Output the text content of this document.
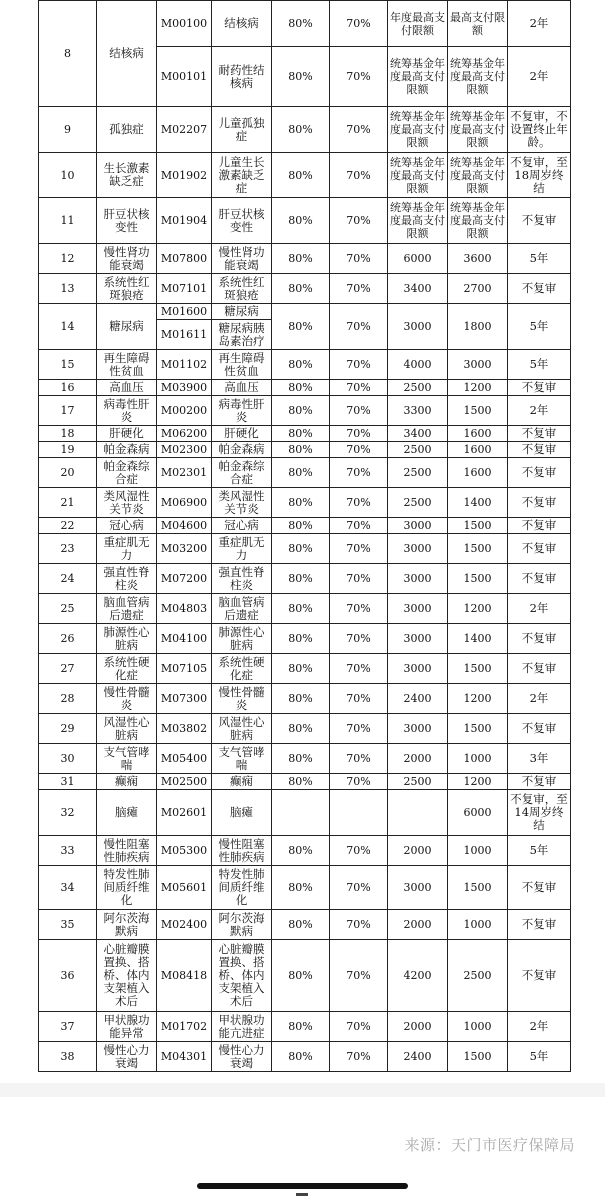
8	结核病	M00100	结核病	80%	70%	年度最高支付限额	最高支付限额	2年
		M00101	耐药性结核病	80%	70%	统筹基金年度最高支付限额	统筹基金年度最高支付限额	2年
9	孤独症	M02207	儿童孤独症	80%	70%	统筹基金年度最高支付限额	统筹基金年度最高支付限额	不复审，不设置终止年龄。
10	生长激素缺乏症	M01902	儿童生长激素缺乏症	80%	70%	统筹基金年度最高支付限额	统筹基金年度最高支付限额	不复审，至18周岁终结
11	肝豆状核变性	M01904	肝豆状核变性	80%	70%	统筹基金年度最高支付限额	统筹基金年度最高支付限额	不复审
12	慢性肾功能衰竭	M07800	慢性肾功能衰竭	80%	70%	6000	3600	5年
13	系统性红斑狼疮	M07101	系统性红斑狼疮	80%	70%	3400	2700	不复审
14	糖尿病	M01600	糖尿病	80%	70%	3000	1800	5年
		M01611	糖尿病胰岛素治疗					
15	再生障碍性贫血	M01102	再生障碍性贫血	80%	70%	4000	3000	5年
16	高血压	M03900	高血压	80%	70%	2500	1200	不复审
17	病毒性肝炎	M00200	病毒性肝炎	80%	70%	3300	1500	2年
18	肝硬化	M06200	肝硬化	80%	70%	3400	1600	不复审
19	帕金森病	M02300	帕金森病	80%	70%	2500	1600	不复审
20	帕金森综合症	M02301	帕金森综合症	80%	70%	2500	1600	不复审
21	类风湿性关节炎	M06900	类风湿性关节炎	80%	70%	2500	1400	不复审
22	冠心病	M04600	冠心病	80%	70%	3000	1500	不复审
23	重症肌无力	M03200	重症肌无力	80%	70%	3000	1500	不复审
24	强直性脊柱炎	M07200	强直性脊柱炎	80%	70%	3000	1500	不复审
25	脑血管病后遗症	M04803	脑血管病后遗症	80%	70%	3000	1200	2年
26	肺源性心脏病	M04100	肺源性心脏病	80%	70%	3000	1400	不复审
27	系统性硬化症	M07105	系统性硬化症	80%	70%	3000	1500	不复审
28	慢性骨髓炎	M07300	慢性骨髓炎	80%	70%	2400	1200	2年
29	风湿性心脏病	M03802	风湿性心脏病	80%	70%	3000	1500	不复审
30	支气管哮喘	M05400	支气管哮喘	80%	70%	2000	1000	3年
31	癫痫	M02500	癫痫	80%	70%	2500	1200	不复审
32	脑瘫	M02601	脑瘫				6000	不复审，至14周岁终结
33	慢性阻塞性肺疾病	M05300	慢性阻塞性肺疾病	80%	70%	2000	1000	5年
34	特发性肺间质纤维化	M05601	特发性肺间质纤维化	80%	70%	3000	1500	不复审
35	阿尔茨海默病	M02400	阿尔茨海默病	80%	70%	2000	1000	不复审
36	心脏瓣膜置换、搭桥、体内支架植入术后	M08418	心脏瓣膜置换、搭桥、体内支架植入术后	80%	70%	4200	2500	不复审
37	甲状腺功能异常	M01702	甲状腺功能亢进症	80%	70%	2000	1000	2年
38	慢性心力衰竭	M04301	慢性心力衰竭	80%	70%	2400	1500	5年
来源：天门市医疗保障局
